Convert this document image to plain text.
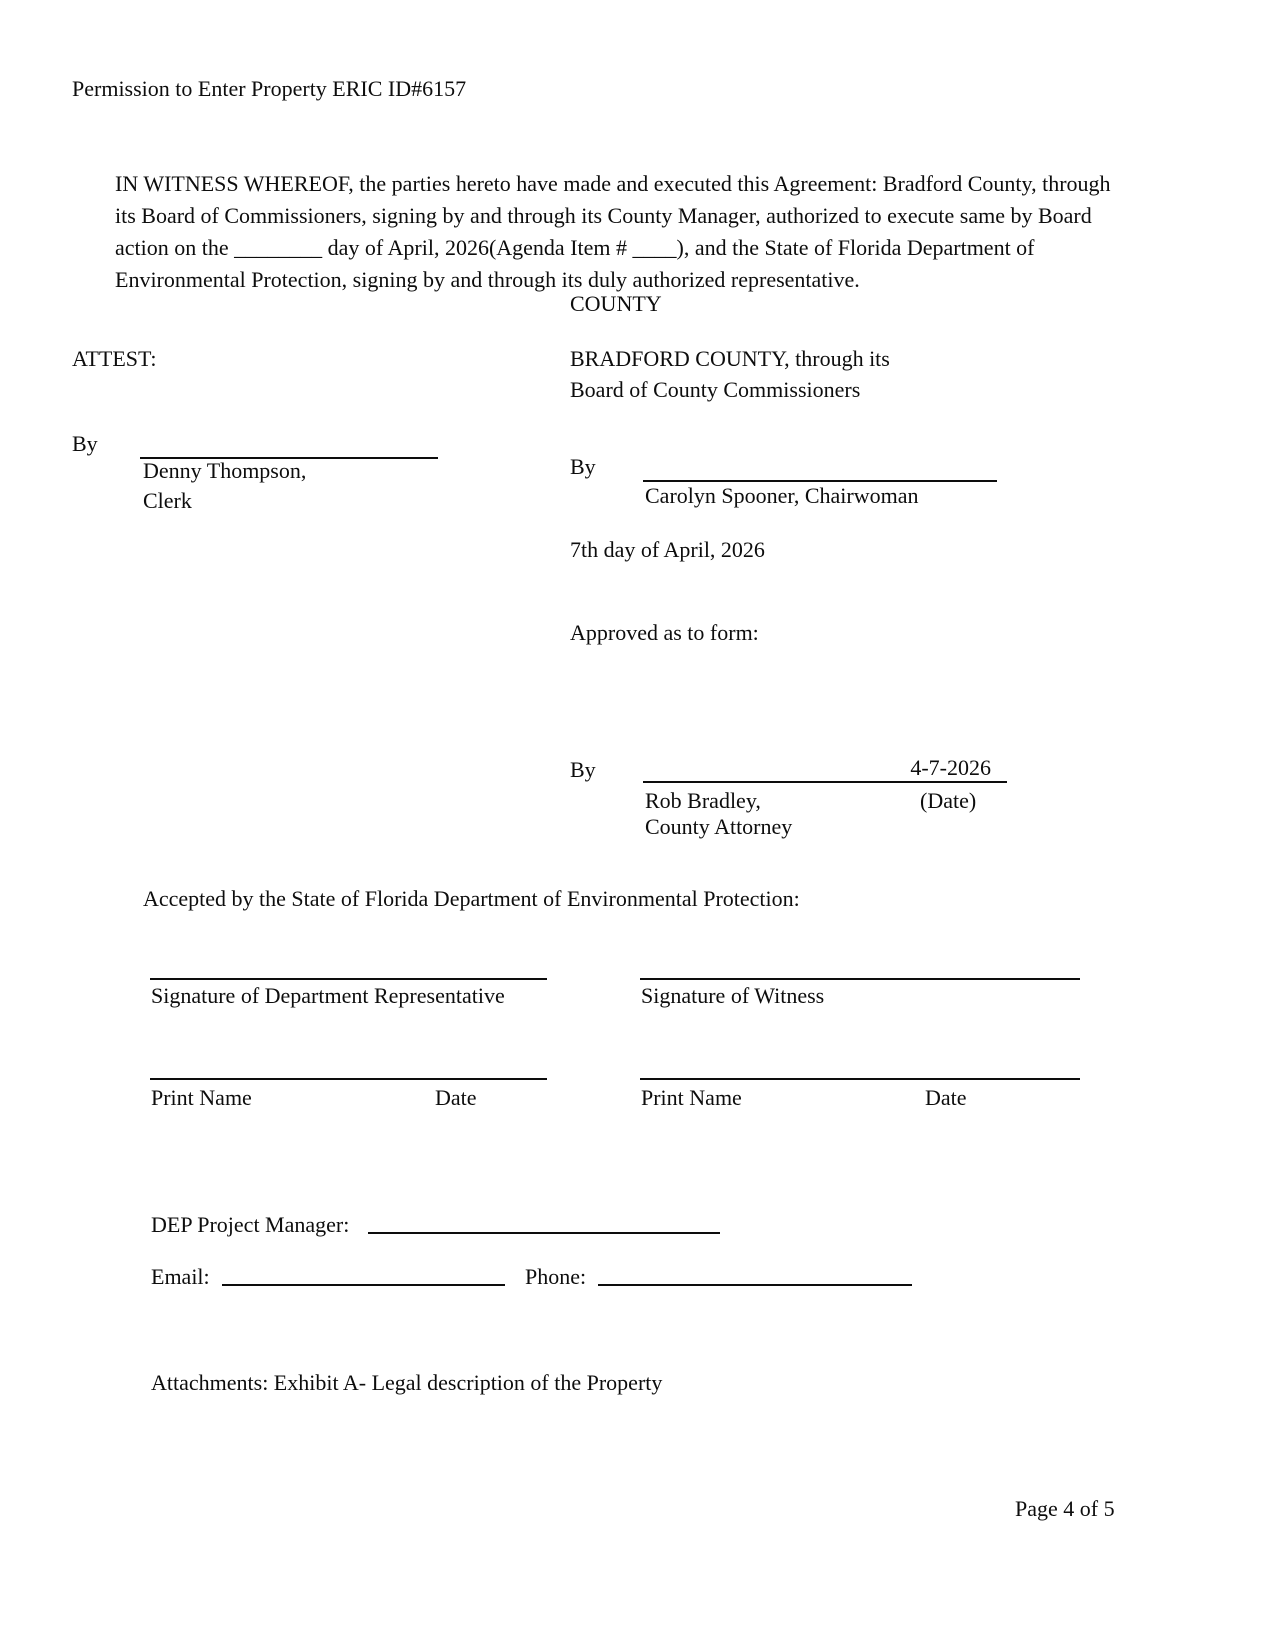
Permission to Enter Property ERIC ID#6157

IN WITNESS WHEREOF, the parties hereto have made and executed this Agreement: Bradford County, through its Board of Commissioners, signing by and through its County Manager, authorized to execute same by Board action on the ________ day of April, 2026(Agenda Item # ____), and the State of Florida Department of Environmental Protection, signing by and through its duly authorized representative.

COUNTY
ATTEST:	BRADFORD COUNTY, through its
Board of County Commissioners
By
Denny Thompson,
Clerk
By
Carolyn Spooner, Chairwoman
7th day of April, 2026
Approved as to form:
By	4-7-2026
Rob Bradley,	(Date)
County Attorney
Accepted by the State of Florida Department of Environmental Protection:
Signature of Department Representative	Signature of Witness
Print Name	Date	Print Name	Date
DEP Project Manager:
Email:	Phone:
Attachments: Exhibit A- Legal description of the Property
Page 4 of 5
